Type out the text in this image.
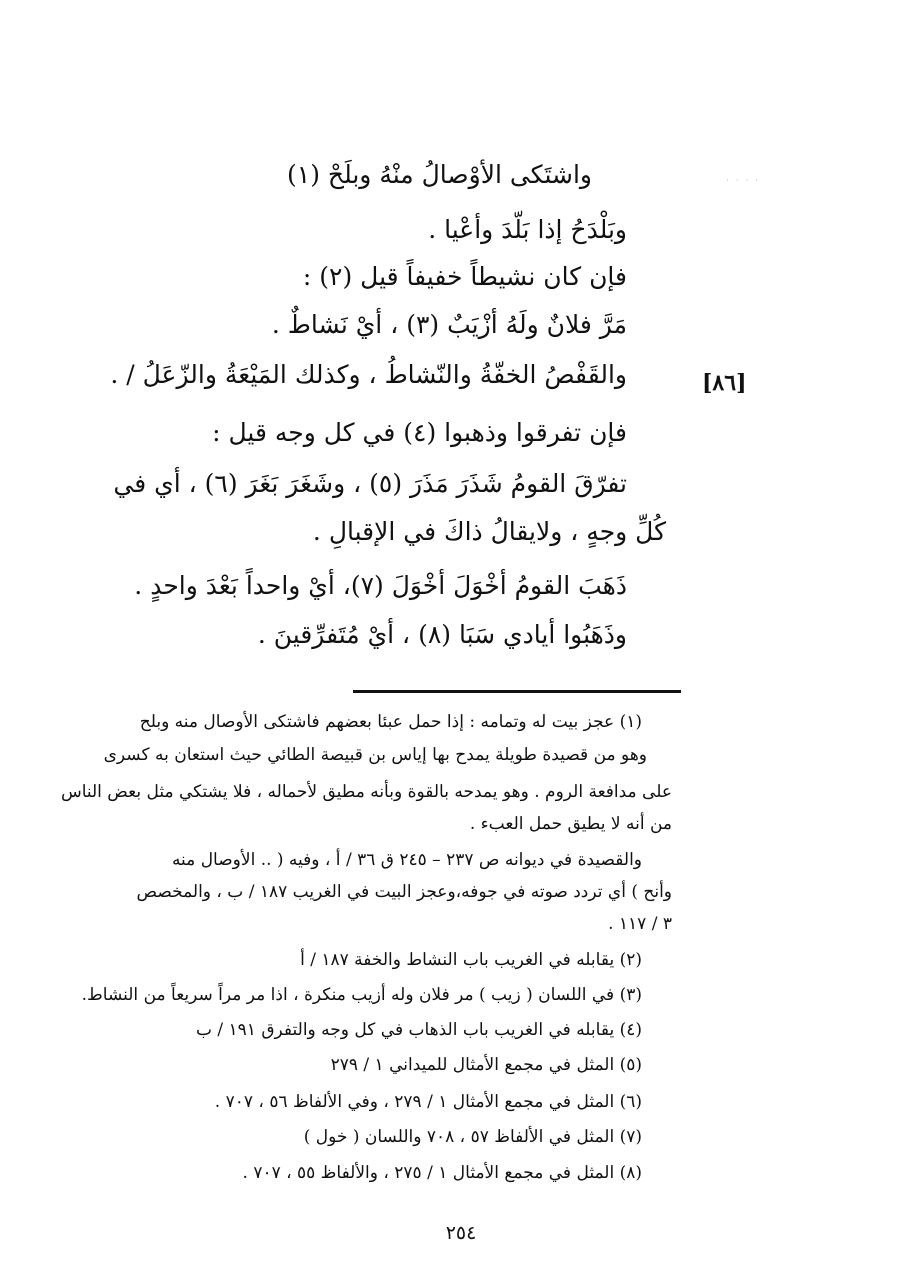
· · · ·
واشتَكى الأوْصالُ منْهُ وبلَحْ (١)
وبَلْدَحُ إذا بَلّدَ وأعْيا .
فإن كان نشيطاً خفيفاً قيل (٢) :
مَرَّ فلانٌ ولَهُ أزْيَبٌ (٣) ، أيْ نَشاطٌ .
والقَفْصُ الخفّةُ والنّشاطُ ، وكذلك المَيْعَةُ والزّعَلُ / .	[٨٦]
فإن تفرقوا وذهبوا (٤) في كل وجه قيل :
تفرّقَ القومُ شَذَرَ مَذَرَ (٥) ، وشَغَرَ بَغَرَ (٦) ، أي في
كُلِّ وجهٍ ، ولايقالُ ذاكَ في الإقبالِ .
ذَهَبَ القومُ أخْوَلَ أخْوَلَ (٧)، أيْ واحداً بَعْدَ واحدٍ .
وذَهَبُوا أيادي سَبَا (٨) ، أيْ مُتَفرِّقينَ .
(١) عجز بيت له وتمامه : إذا حمل عبئا بعضهم فاشتكى الأوصال منه وبلح
وهو من قصيدة طويلة يمدح بها إياس بن قبيصة الطائي حيث استعان به كسرى
على مدافعة الروم . وهو يمدحه بالقوة وبأنه مطيق لأحماله ، فلا يشتكي مثل بعض الناس
من أنه لا يطيق حمل العبء .
والقصيدة في ديوانه ص ٢٣٧ – ٢٤٥ ق ٣٦ / أ ، وفيه ( .. الأوصال منه
وأنح ) أي تردد صوته في جوفه،وعجز البيت في الغريب ١٨٧ / ب ، والمخصص
٣ / ١١٧ .
(٢) يقابله في الغريب باب النشاط والخفة ١٨٧ / أ
(٣) في اللسان ( زيب ) مر فلان وله أزيب منكرة ، اذا مر مراً سريعاً من النشاط.
(٤) يقابله في الغريب باب الذهاب في كل وجه والتفرق ١٩١ / ب
(٥) المثل في مجمع الأمثال للميداني ١ / ٢٧٩
(٦) المثل في مجمع الأمثال ١ / ٢٧٩ ، وفي الألفاظ ٥٦ ، ٧٠٧ .
(٧) المثل في الألفاظ ٥٧ ، ٧٠٨ واللسان ( خول )
(٨) المثل في مجمع الأمثال ١ / ٢٧٥ ، والألفاظ ٥٥ ، ٧٠٧ .
٢٥٤
